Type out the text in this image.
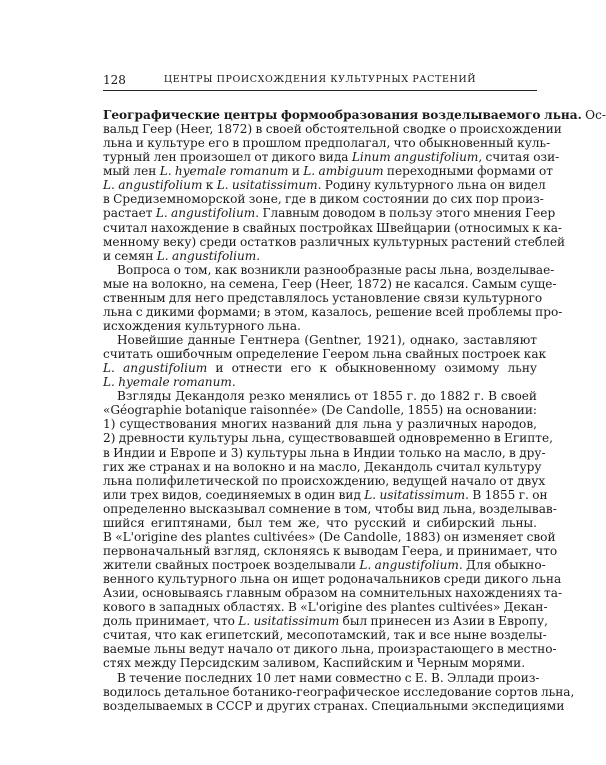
128	ЦЕНТРЫ ПРОИСХОЖДЕНИЯ КУЛЬТУРНЫХ РАСТЕНИЙ
Географические центры формообразования возделываемого льна. Ос-
вальд Геер (Heer, 1872) в своей обстоятельной сводке о происхождении
льна и культуре его в прошлом предполагал, что обыкновенный куль-
турный лен произошел от дикого вида Linum angustifolium, считая ози-
мый лен L. hyemale romanum и L. ambiguum переходными формами от
L. angustifolium к L. usitatissimum. Родину культурного льна он видел
в Средиземноморской зоне, где в диком состоянии до сих пор произ-
растает L. angustifolium. Главным доводом в пользу этого мнения Геер
считал нахождение в свайных постройках Швейцарии (относимых к ка-
менному веку) среди остатков различных культурных растений стеблей
и семян L. angustifolium.
Вопроса о том, как возникли разнообразные расы льна, возделывае-
мые на волокно, на семена, Геер (Heer, 1872) не касался. Самым суще-
ственным для него представлялось установление связи культурного
льна с дикими формами; в этом, казалось, решение всей проблемы про-
исхождения культурного льна.
Новейшие данные Гентнера (Gentner, 1921), однако, заставляют
считать ошибочным определение Геером льна свайных построек как
L. angustifolium и отнести его к обыкновенному озимому льну
L. hyemale romanum.
Взгляды Декандоля резко менялись от 1855 г. до 1882 г. В своей
«Géographie botanique raisonnée» (De Candolle, 1855) на основании:
1) существования многих названий для льна у различных народов,
2) древности культуры льна, существовавшей одновременно в Египте,
в Индии и Европе и 3) культуры льна в Индии только на масло, в дру-
гих же странах и на волокно и на масло, Декандоль считал культуру
льна полифилетической по происхождению, ведущей начало от двух
или трех видов, соединяемых в один вид L. usitatissimum. В 1855 г. он
определенно высказывал сомнение в том, чтобы вид льна, возделывав-
шийся египтянами, был тем же, что русский и сибирский льны.
В «L'origine des plantes cultivées» (De Candolle, 1883) он изменяет свой
первоначальный взгляд, склоняясь к выводам Геера, и принимает, что
жители свайных построек возделывали L. angustifolium. Для обыкно-
венного культурного льна он ищет родоначальников среди дикого льна
Азии, основываясь главным образом на сомнительных нахождениях та-
кового в западных областях. В «L'origine des plantes cultivées» Декан-
доль принимает, что L. usitatissimum был принесен из Азии в Европу,
считая, что как египетский, месопотамский, так и все ныне возделы-
ваемые льны ведут начало от дикого льна, произрастающего в местно-
стях между Персидским заливом, Каспийским и Черным морями.
В течение последних 10 лет нами совместно с Е. В. Эллади произ-
водилось детальное ботанико-географическое исследование сортов льна,
возделываемых в СССР и других странах. Специальными экспедициями
